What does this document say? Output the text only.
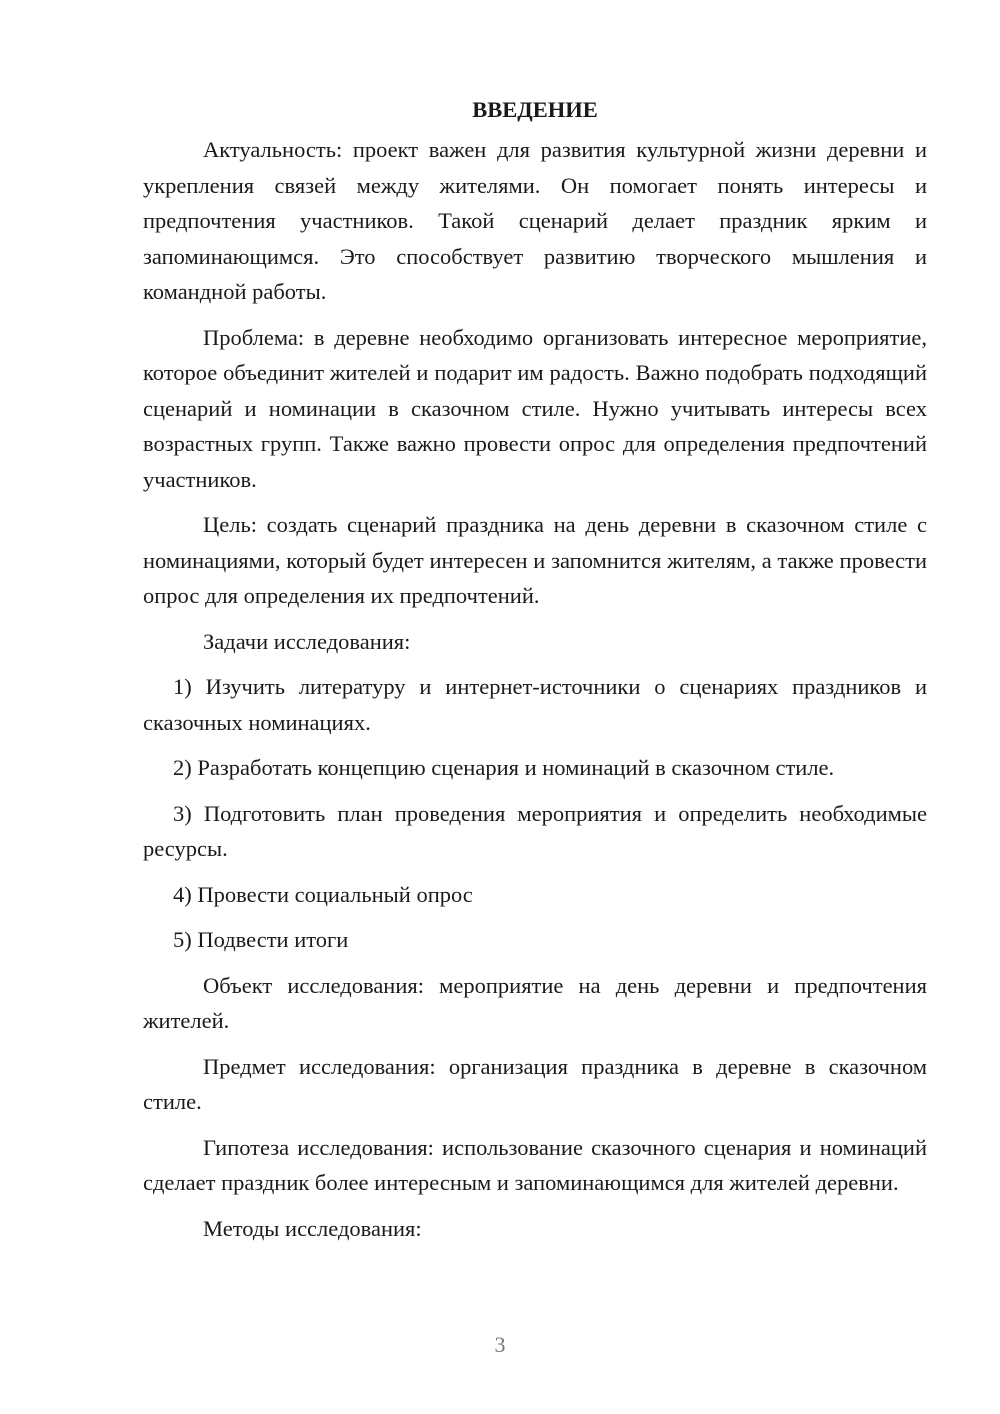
ВВЕДЕНИЕ

Актуальность: проект важен для развития культурной жизни деревни и укрепления связей между жителями. Он помогает понять интересы и предпочтения участников. Такой сценарий делает праздник ярким и запоминающимся. Это способствует развитию творческого мышления и командной работы.

Проблема: в деревне необходимо организовать интересное мероприятие, которое объединит жителей и подарит им радость. Важно подобрать подходящий сценарий и номинации в сказочном стиле. Нужно учитывать интересы всех возрастных групп. Также важно провести опрос для определения предпочтений участников.

Цель: создать сценарий праздника на день деревни в сказочном стиле с номинациями, который будет интересен и запомнится жителям, а также провести опрос для определения их предпочтений.

Задачи исследования:

1) Изучить литературу и интернет-источники о сценариях праздников и сказочных номинациях.

2) Разработать концепцию сценария и номинаций в сказочном стиле.

3) Подготовить план проведения мероприятия и определить необходимые ресурсы.

4) Провести социальный опрос

5) Подвести итоги

Объект исследования: мероприятие на день деревни и предпочтения жителей.

Предмет исследования: организация праздника в деревне в сказочном стиле.

Гипотеза исследования: использование сказочного сценария и номинаций сделает праздник более интересным и запоминающимся для жителей деревни.

Методы исследования:

3
